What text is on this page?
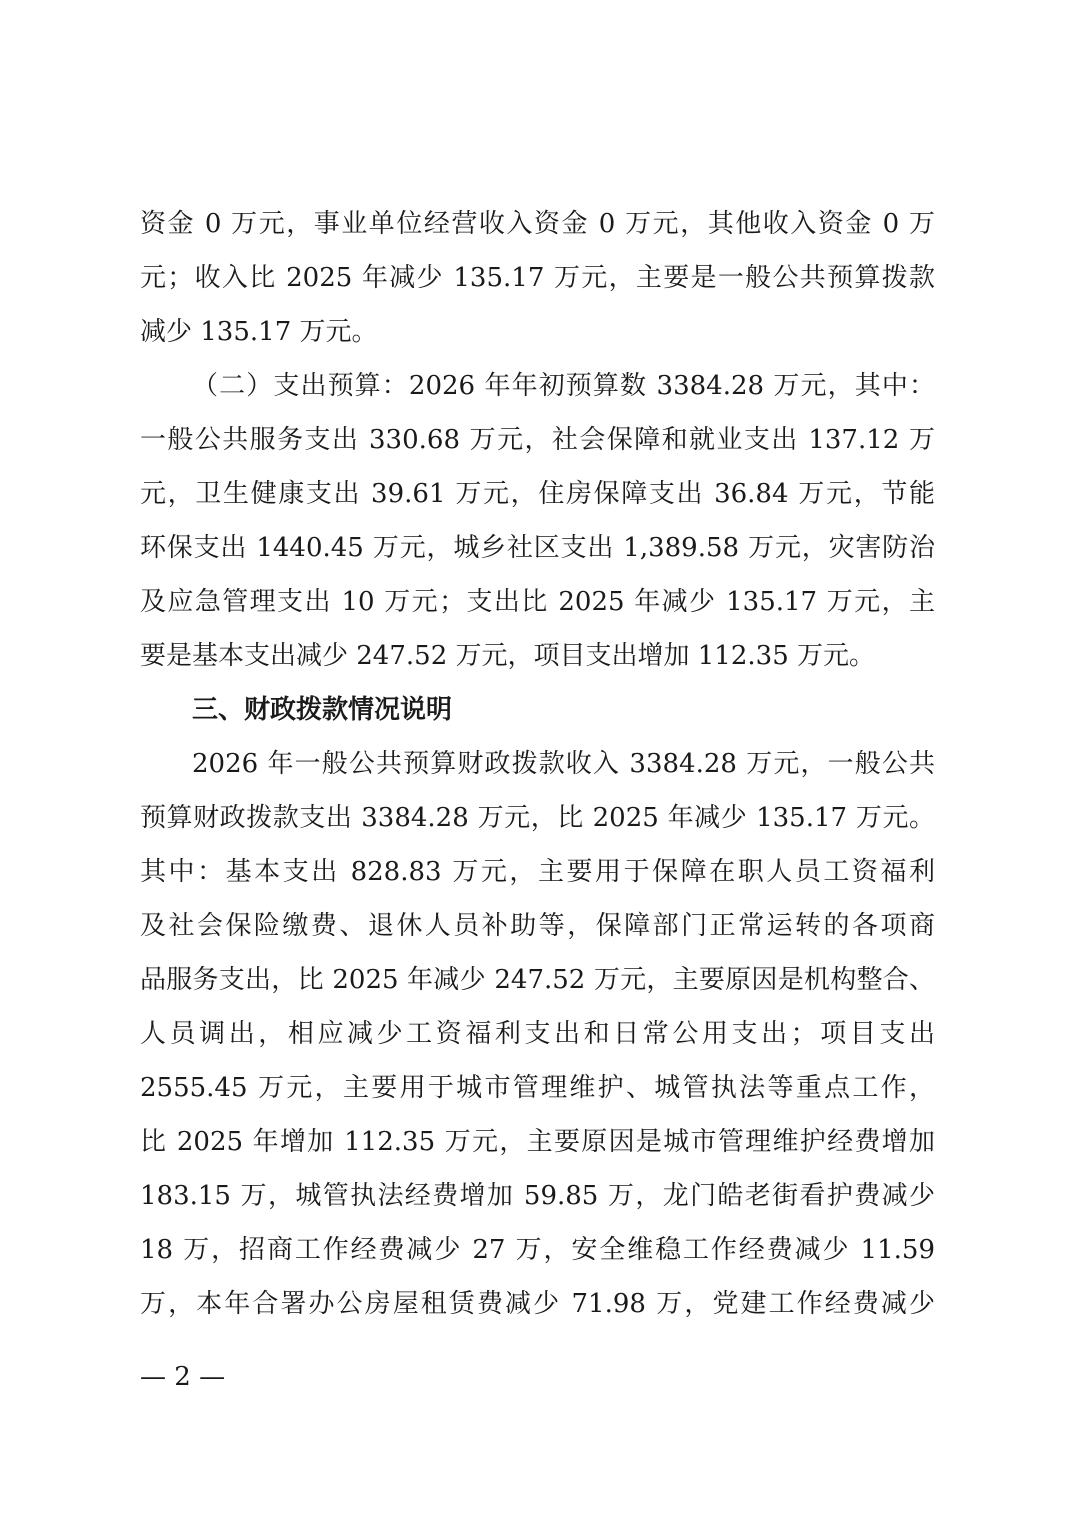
资金 0 万元，事业单位经营收入资金 0 万元，其他收入资金 0 万
元；收入比 2025 年减少 135.17 万元，主要是一般公共预算拨款
减少 135.17 万元。
（二）支出预算：2026 年年初预算数 3384.28 万元，其中：
一般公共服务支出 330.68 万元，社会保障和就业支出 137.12 万
元，卫生健康支出 39.61 万元，住房保障支出 36.84 万元，节能
环保支出 1440.45 万元，城乡社区支出 1,389.58 万元，灾害防治
及应急管理支出 10 万元；支出比 2025 年减少 135.17 万元，主
要是基本支出减少 247.52 万元，项目支出增加 112.35 万元。
三、财政拨款情况说明
2026 年一般公共预算财政拨款收入 3384.28 万元，一般公共
预算财政拨款支出 3384.28 万元，比 2025 年减少 135.17 万元。
其中：基本支出 828.83 万元，主要用于保障在职人员工资福利
及社会保险缴费、退休人员补助等，保障部门正常运转的各项商
品服务支出，比 2025 年减少 247.52 万元，主要原因是机构整合、
人员调出，相应减少工资福利支出和日常公用支出；项目支出
2555.45 万元，主要用于城市管理维护、城管执法等重点工作，
比 2025 年增加 112.35 万元，主要原因是城市管理维护经费增加
183.15 万，城管执法经费增加 59.85 万，龙门皓老街看护费减少
18 万，招商工作经费减少 27 万，安全维稳工作经费减少 11.59
万，本年合署办公房屋租赁费减少 71.98 万，党建工作经费减少
— 2 —
